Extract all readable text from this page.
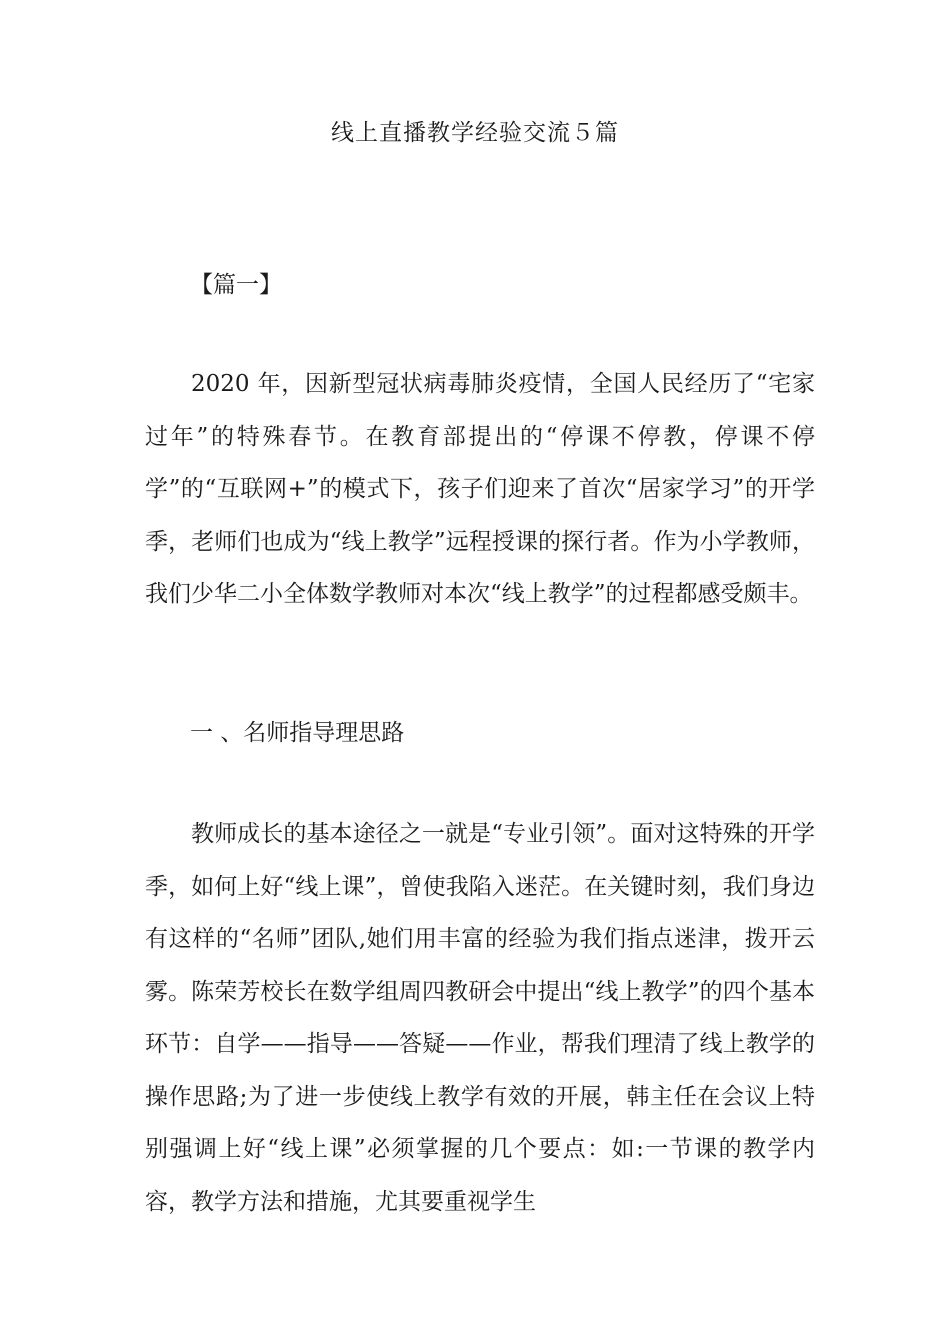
线上直播教学经验交流５篇
【篇一】

2020 年，因新型冠状病毒肺炎疫情，全国人民经历了“宅家过年”的特殊春节。在教育部提出的“停课不停教，停课不停学”的“互联网+”的模式下，孩子们迎来了首次“居家学习”的开学季，老师们也成为“线上教学”远程授课的探行者。作为小学教师，我们少华二小全体数学教师对本次“线上教学”的过程都感受颇丰。

一 、名师指导理思路

教师成长的基本途径之一就是“专业引领”。面对这特殊的开学季，如何上好“线上课”，曾使我陷入迷茫。在关键时刻，我们身边有这样的“名师”团队,她们用丰富的经验为我们指点迷津，拨开云雾。陈荣芳校长在数学组周四教研会中提出“线上教学”的四个基本环节：自学——指导——答疑——作业，帮我们理清了线上教学的操作思路;为了进一步使线上教学有效的开展，韩主任在会议上特别强调上好“线上课”必须掌握的几个要点：如:一节课的教学内容，教学方法和措施，尤其要重视学生
